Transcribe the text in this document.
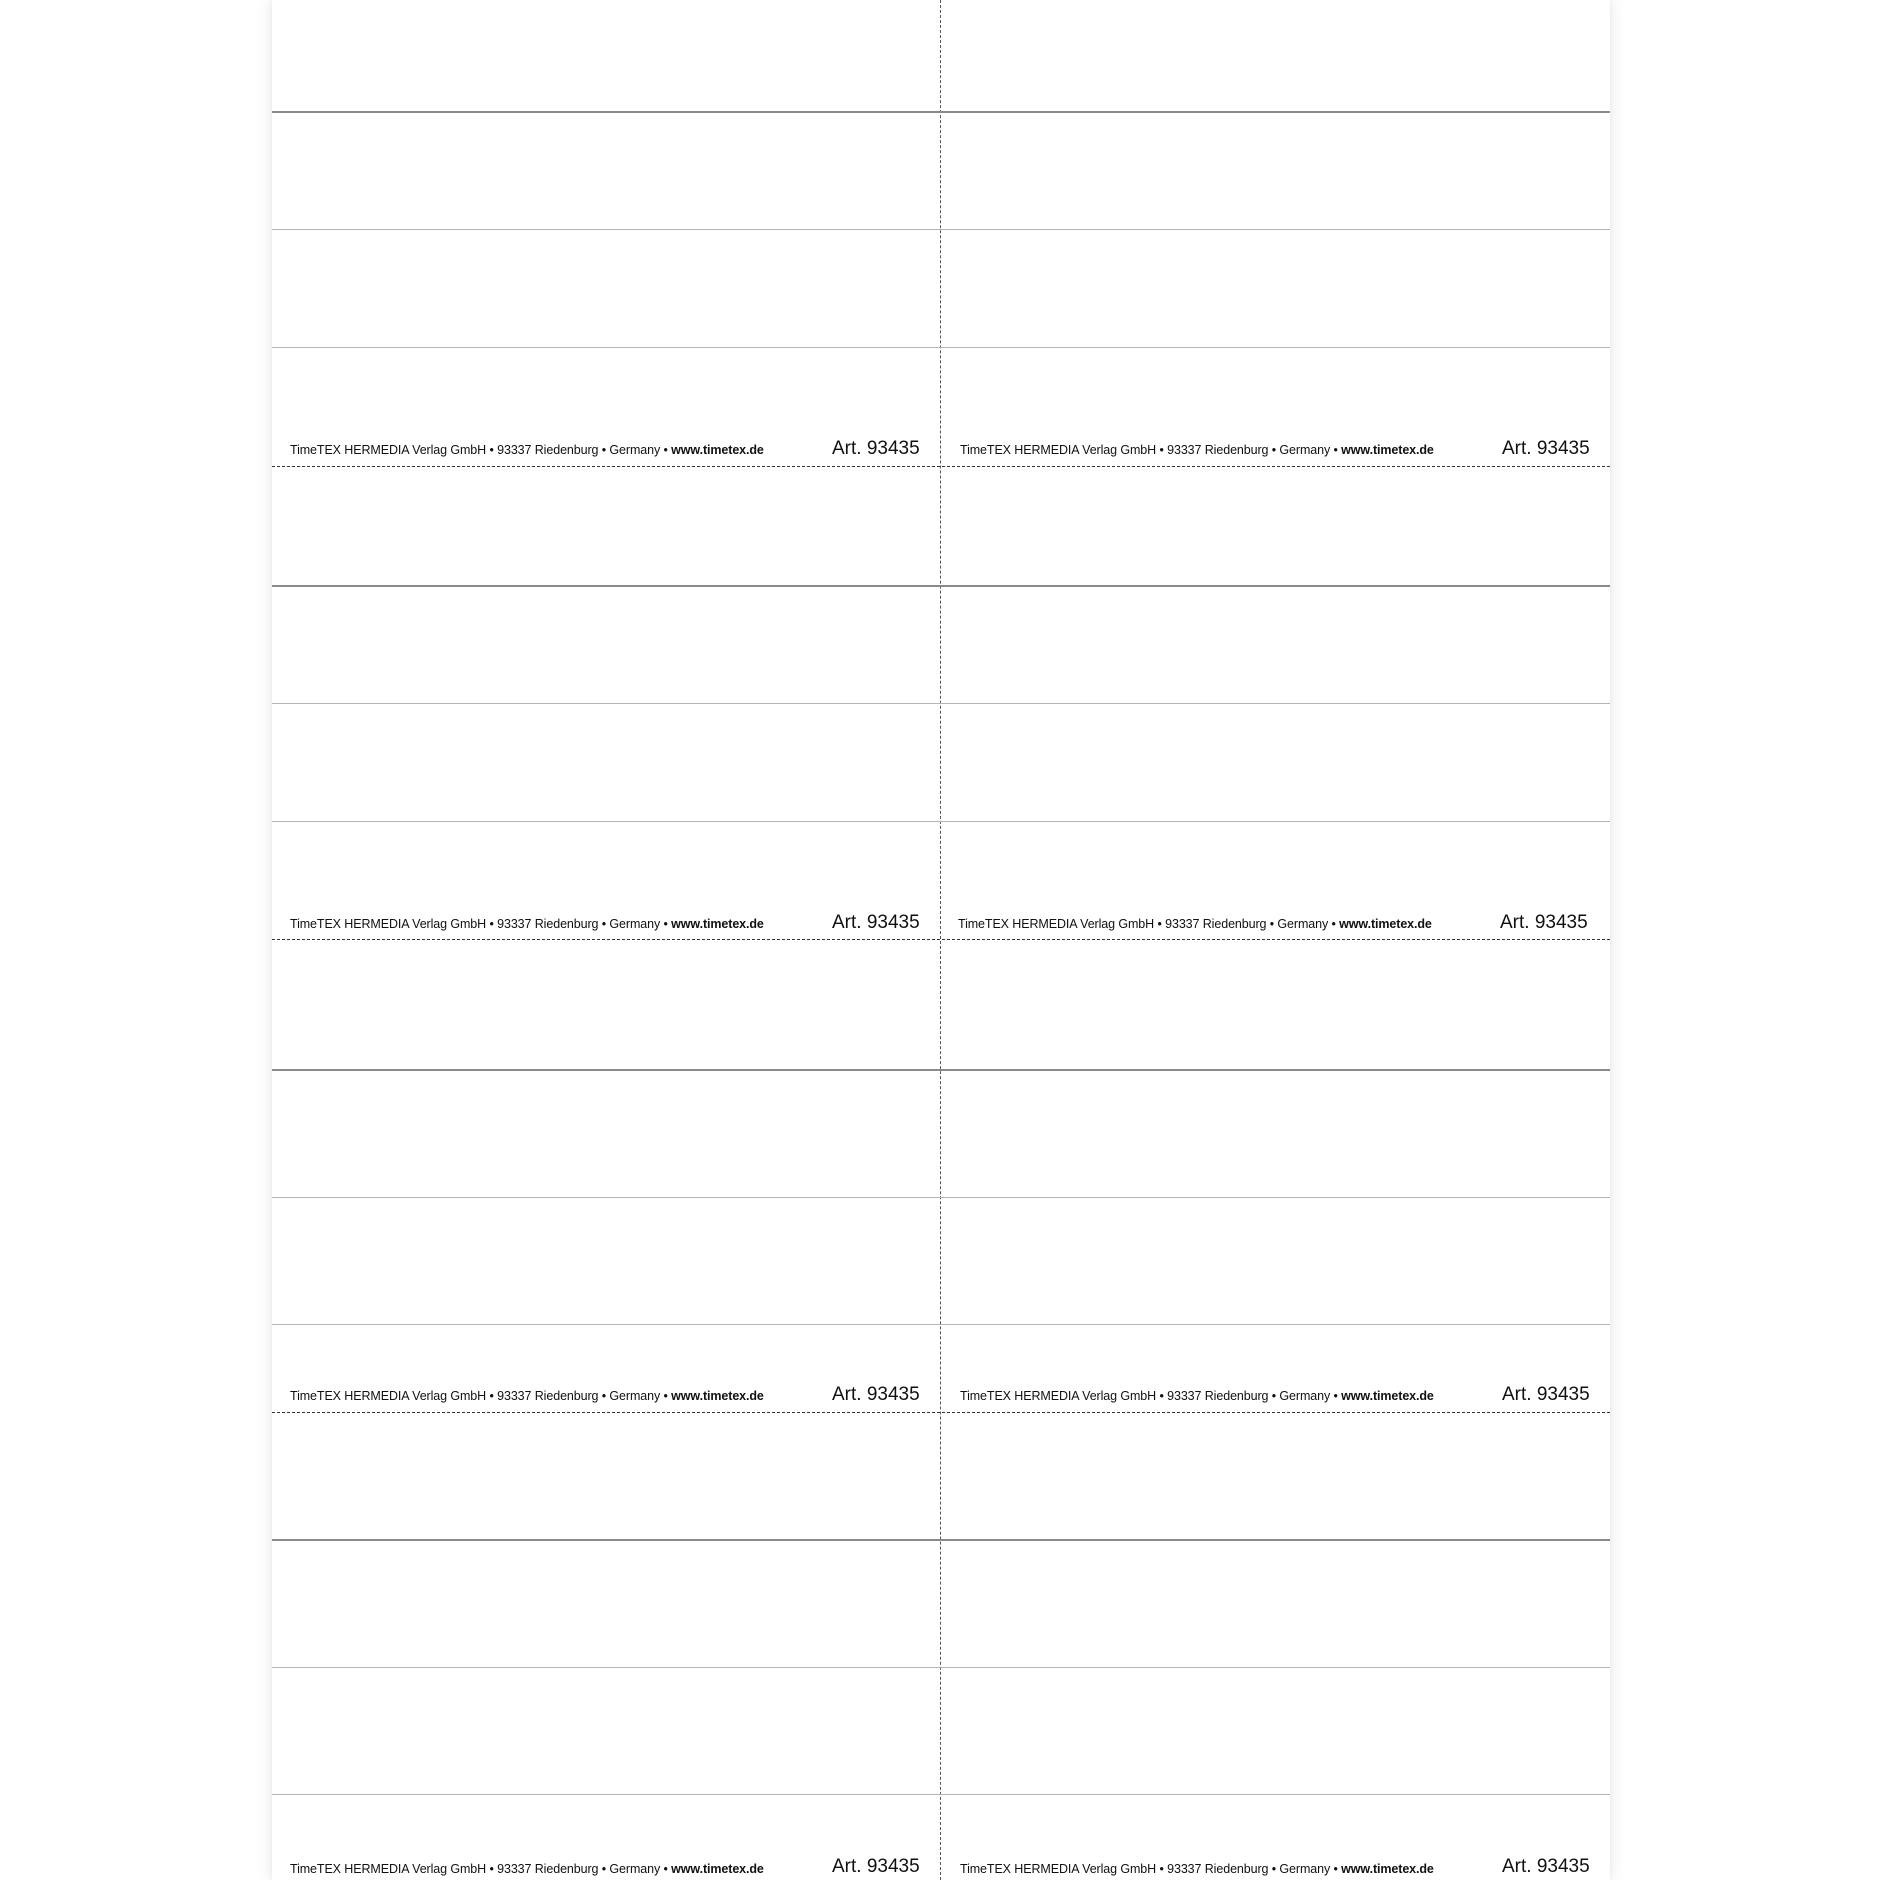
TimeTEX HERMEDIA Verlag GmbH • 93337 Riedenburg • Germany • www.timetex.de	Art. 93435	TimeTEX HERMEDIA Verlag GmbH • 93337 Riedenburg • Germany • www.timetex.de	Art. 93435
TimeTEX HERMEDIA Verlag GmbH • 93337 Riedenburg • Germany • www.timetex.de	Art. 93435	TimeTEX HERMEDIA Verlag GmbH • 93337 Riedenburg • Germany • www.timetex.de	Art. 93435
TimeTEX HERMEDIA Verlag GmbH • 93337 Riedenburg • Germany • www.timetex.de	Art. 93435	TimeTEX HERMEDIA Verlag GmbH • 93337 Riedenburg • Germany • www.timetex.de	Art. 93435
TimeTEX HERMEDIA Verlag GmbH • 93337 Riedenburg • Germany • www.timetex.de	Art. 93435	TimeTEX HERMEDIA Verlag GmbH • 93337 Riedenburg • Germany • www.timetex.de	Art. 93435
